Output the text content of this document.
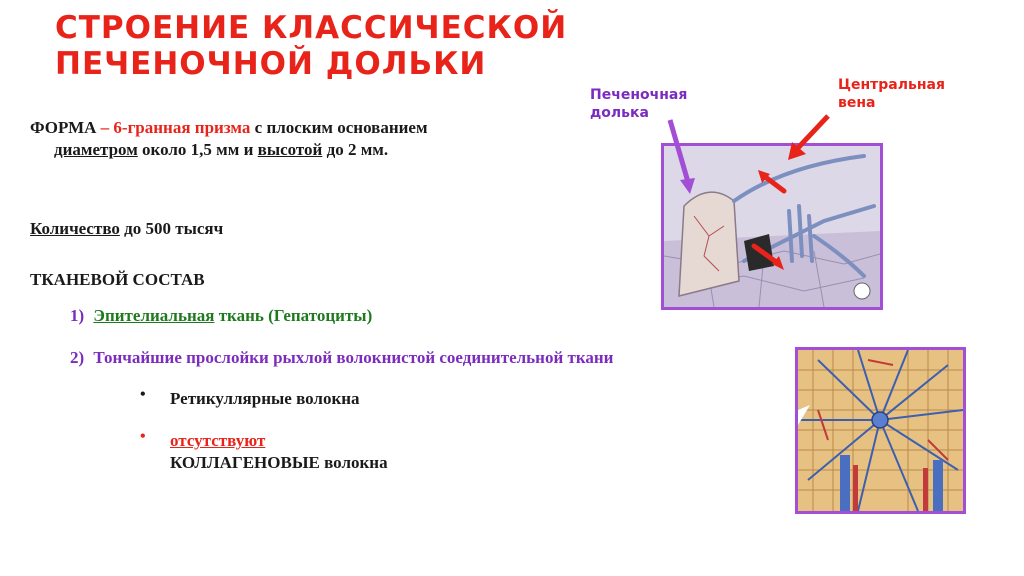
СТРОЕНИЕ КЛАССИЧЕСКОЙ
ПЕЧЕНОЧНОЙ ДОЛЬКИ
ФОРМА – 6-гранная призма с плоским основанием
диаметром около 1,5 мм и высотой до 2 мм.
Количество до 500 тысяч
ТКАНЕВОЙ СОСТАВ
1) Эпителиальная ткань (Гепатоциты)
2) Тончайшие прослойки рыхлой волокнистой соединительной ткани
• Ретикуллярные волокна
• отсутствуют
КОЛЛАГЕНОВЫЕ волокна
Печеночная
долька
Центральная
вена
